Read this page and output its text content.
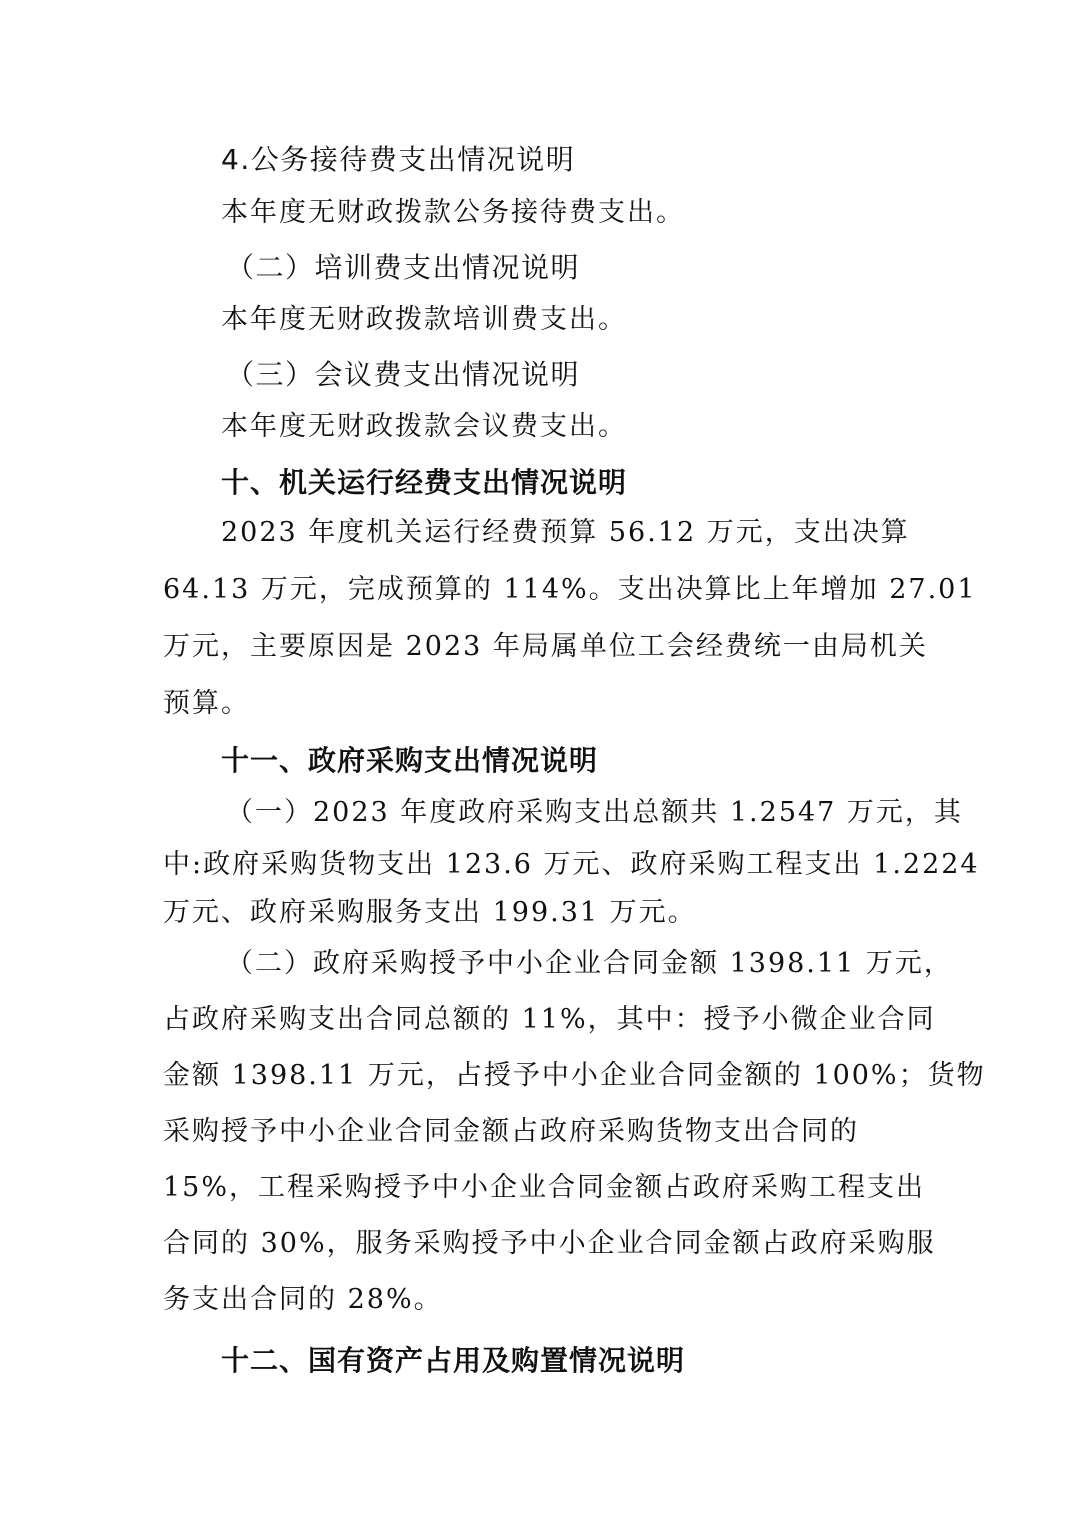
4.公务接待费支出情况说明
本年度无财政拨款公务接待费支出。
（二）培训费支出情况说明
本年度无财政拨款培训费支出。
（三）会议费支出情况说明
本年度无财政拨款会议费支出。
十、机关运行经费支出情况说明
2023 年度机关运行经费预算 56.12 万元，支出决算
64.13 万元，完成预算的 114%。支出决算比上年增加 27.01
万元，主要原因是 2023 年局属单位工会经费统一由局机关
预算。
十一、政府采购支出情况说明
（一）2023 年度政府采购支出总额共 1.2547 万元，其
中:政府采购货物支出 123.6 万元、政府采购工程支出 1.2224
万元、政府采购服务支出 199.31 万元。
（二）政府采购授予中小企业合同金额 1398.11 万元，
占政府采购支出合同总额的 11%，其中：授予小微企业合同
金额 1398.11 万元，占授予中小企业合同金额的 100%；货物
采购授予中小企业合同金额占政府采购货物支出合同的
15%，工程采购授予中小企业合同金额占政府采购工程支出
合同的 30%，服务采购授予中小企业合同金额占政府采购服
务支出合同的 28%。
十二、国有资产占用及购置情况说明
